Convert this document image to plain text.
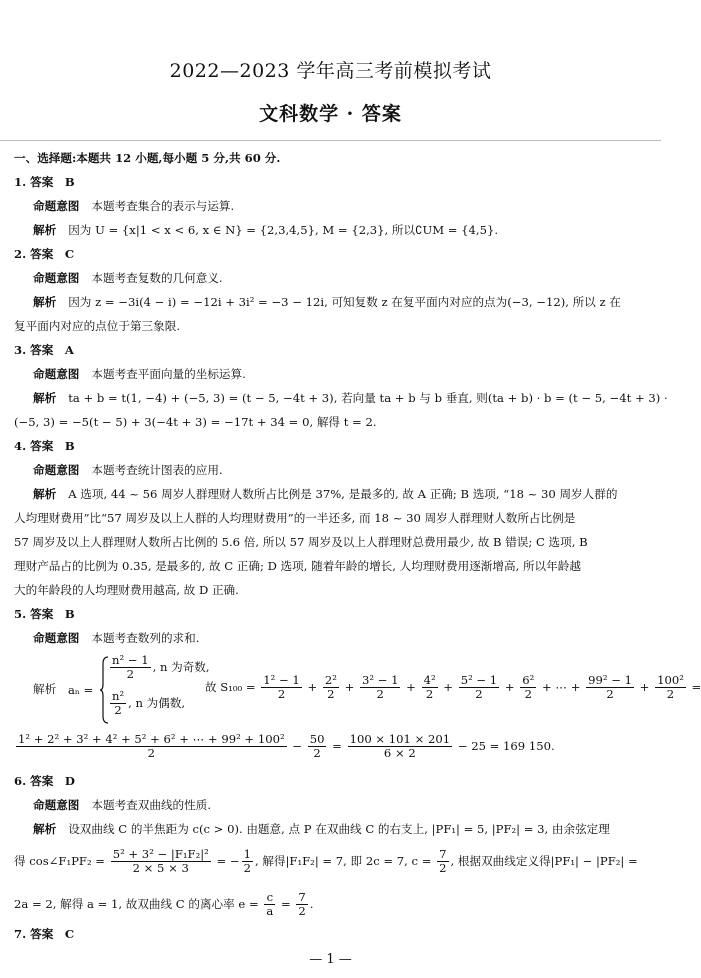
2022—2023 学年高三考前模拟考试
文科数学 · 答案
一、选择题:本题共 12 小题,每小题 5 分,共 60 分.
1. 答案　B
命题意图 本题考查集合的表示与运算.
解析 因为 U = {x|1 < x < 6, x ∈ N} = {2,3,4,5}, M = {2,3}, 所以∁UM = {4,5}.
2. 答案　C
命题意图 本题考查复数的几何意义.
解析 因为 z = −3i(4 − i) = −12i + 3i² = −3 − 12i, 可知复数 z 在复平面内对应的点为(−3, −12), 所以 z 在
复平面内对应的点位于第三象限.
3. 答案　A
命题意图 本题考查平面向量的坐标运算.
解析 ta + b = t(1, −4) + (−5, 3) = (t − 5, −4t + 3), 若向量 ta + b 与 b 垂直, 则(ta + b) · b = (t − 5, −4t + 3) ·
(−5, 3) = −5(t − 5) + 3(−4t + 3) = −17t + 34 = 0, 解得 t = 2.
4. 答案　B
命题意图 本题考查统计图表的应用.
解析 A 选项, 44 ~ 56 周岁人群理财人数所占比例是 37%, 是最多的, 故 A 正确; B 选项, “18 ~ 30 周岁人群的
人均理财费用”比“57 周岁及以上人群的人均理财费用”的一半还多, 而 18 ~ 30 周岁人群理财人数所占比例是
57 周岁及以上人群理财人数所占比例的 5.6 倍, 所以 57 周岁及以上人群理财总费用最少, 故 B 错误; C 选项, B
理财产品占的比例为 0.35, 是最多的, 故 C 正确; D 选项, 随着年龄的增长, 人均理财费用逐渐增高, 所以年龄越
大的年龄段的人均理财费用越高, 故 D 正确.
5. 答案　B
命题意图 本题考查数列的求和.
解析 aₙ =
$\frac{\text{n² − 1}}{2}$ , n 为奇数,
$\frac{\text{n²}}{2}$ , n 为偶数,
故 $S_{100} = \frac{\text{1² − 1}}{2} + \frac{\text{2²}}{2} + \frac{\text{3² − 1}}{2} + \frac{\text{4²}}{2} + \frac{\text{5² − 1}}{2} + \frac{\text{6²}}{2}$ + ⋯ + $\frac{\text{99² − 1}}{2} + \frac{\text{100²}}{2}$ =
$\frac{\text{1² + 2² + 3² + 4² + 5² + 6² + ⋯ + 99² + 100²}}{2} - \frac{50}{2} = \frac{100 \times 101 \times 201}{6 \times 2} - 25 = 169$ 150.
6. 答案　D
命题意图 本题考查双曲线的性质.
解析 设双曲线 C 的半焦距为 c(c > 0). 由题意, 点 P 在双曲线 C 的右支上, |PF₁| = 5, |PF₂| = 3, 由余弦定理
得 cos∠F₁PF₂ = $\frac{\text{5² + 3² − |F₁F₂|²}}{2 \times 5 \times 3}$ = − $\frac{1}{2}$ , 解得|F₁F₂| = 7, 即 2c = 7, $c = \frac{7}{2}$ , 根据双曲线定义得|PF₁| − |PF₂| =
2a = 2, 解得 a = 1, 故双曲线 C 的离心率 $e = \frac{c}{a} = \frac{7}{2}$ .
7. 答案　C
— 1 —
